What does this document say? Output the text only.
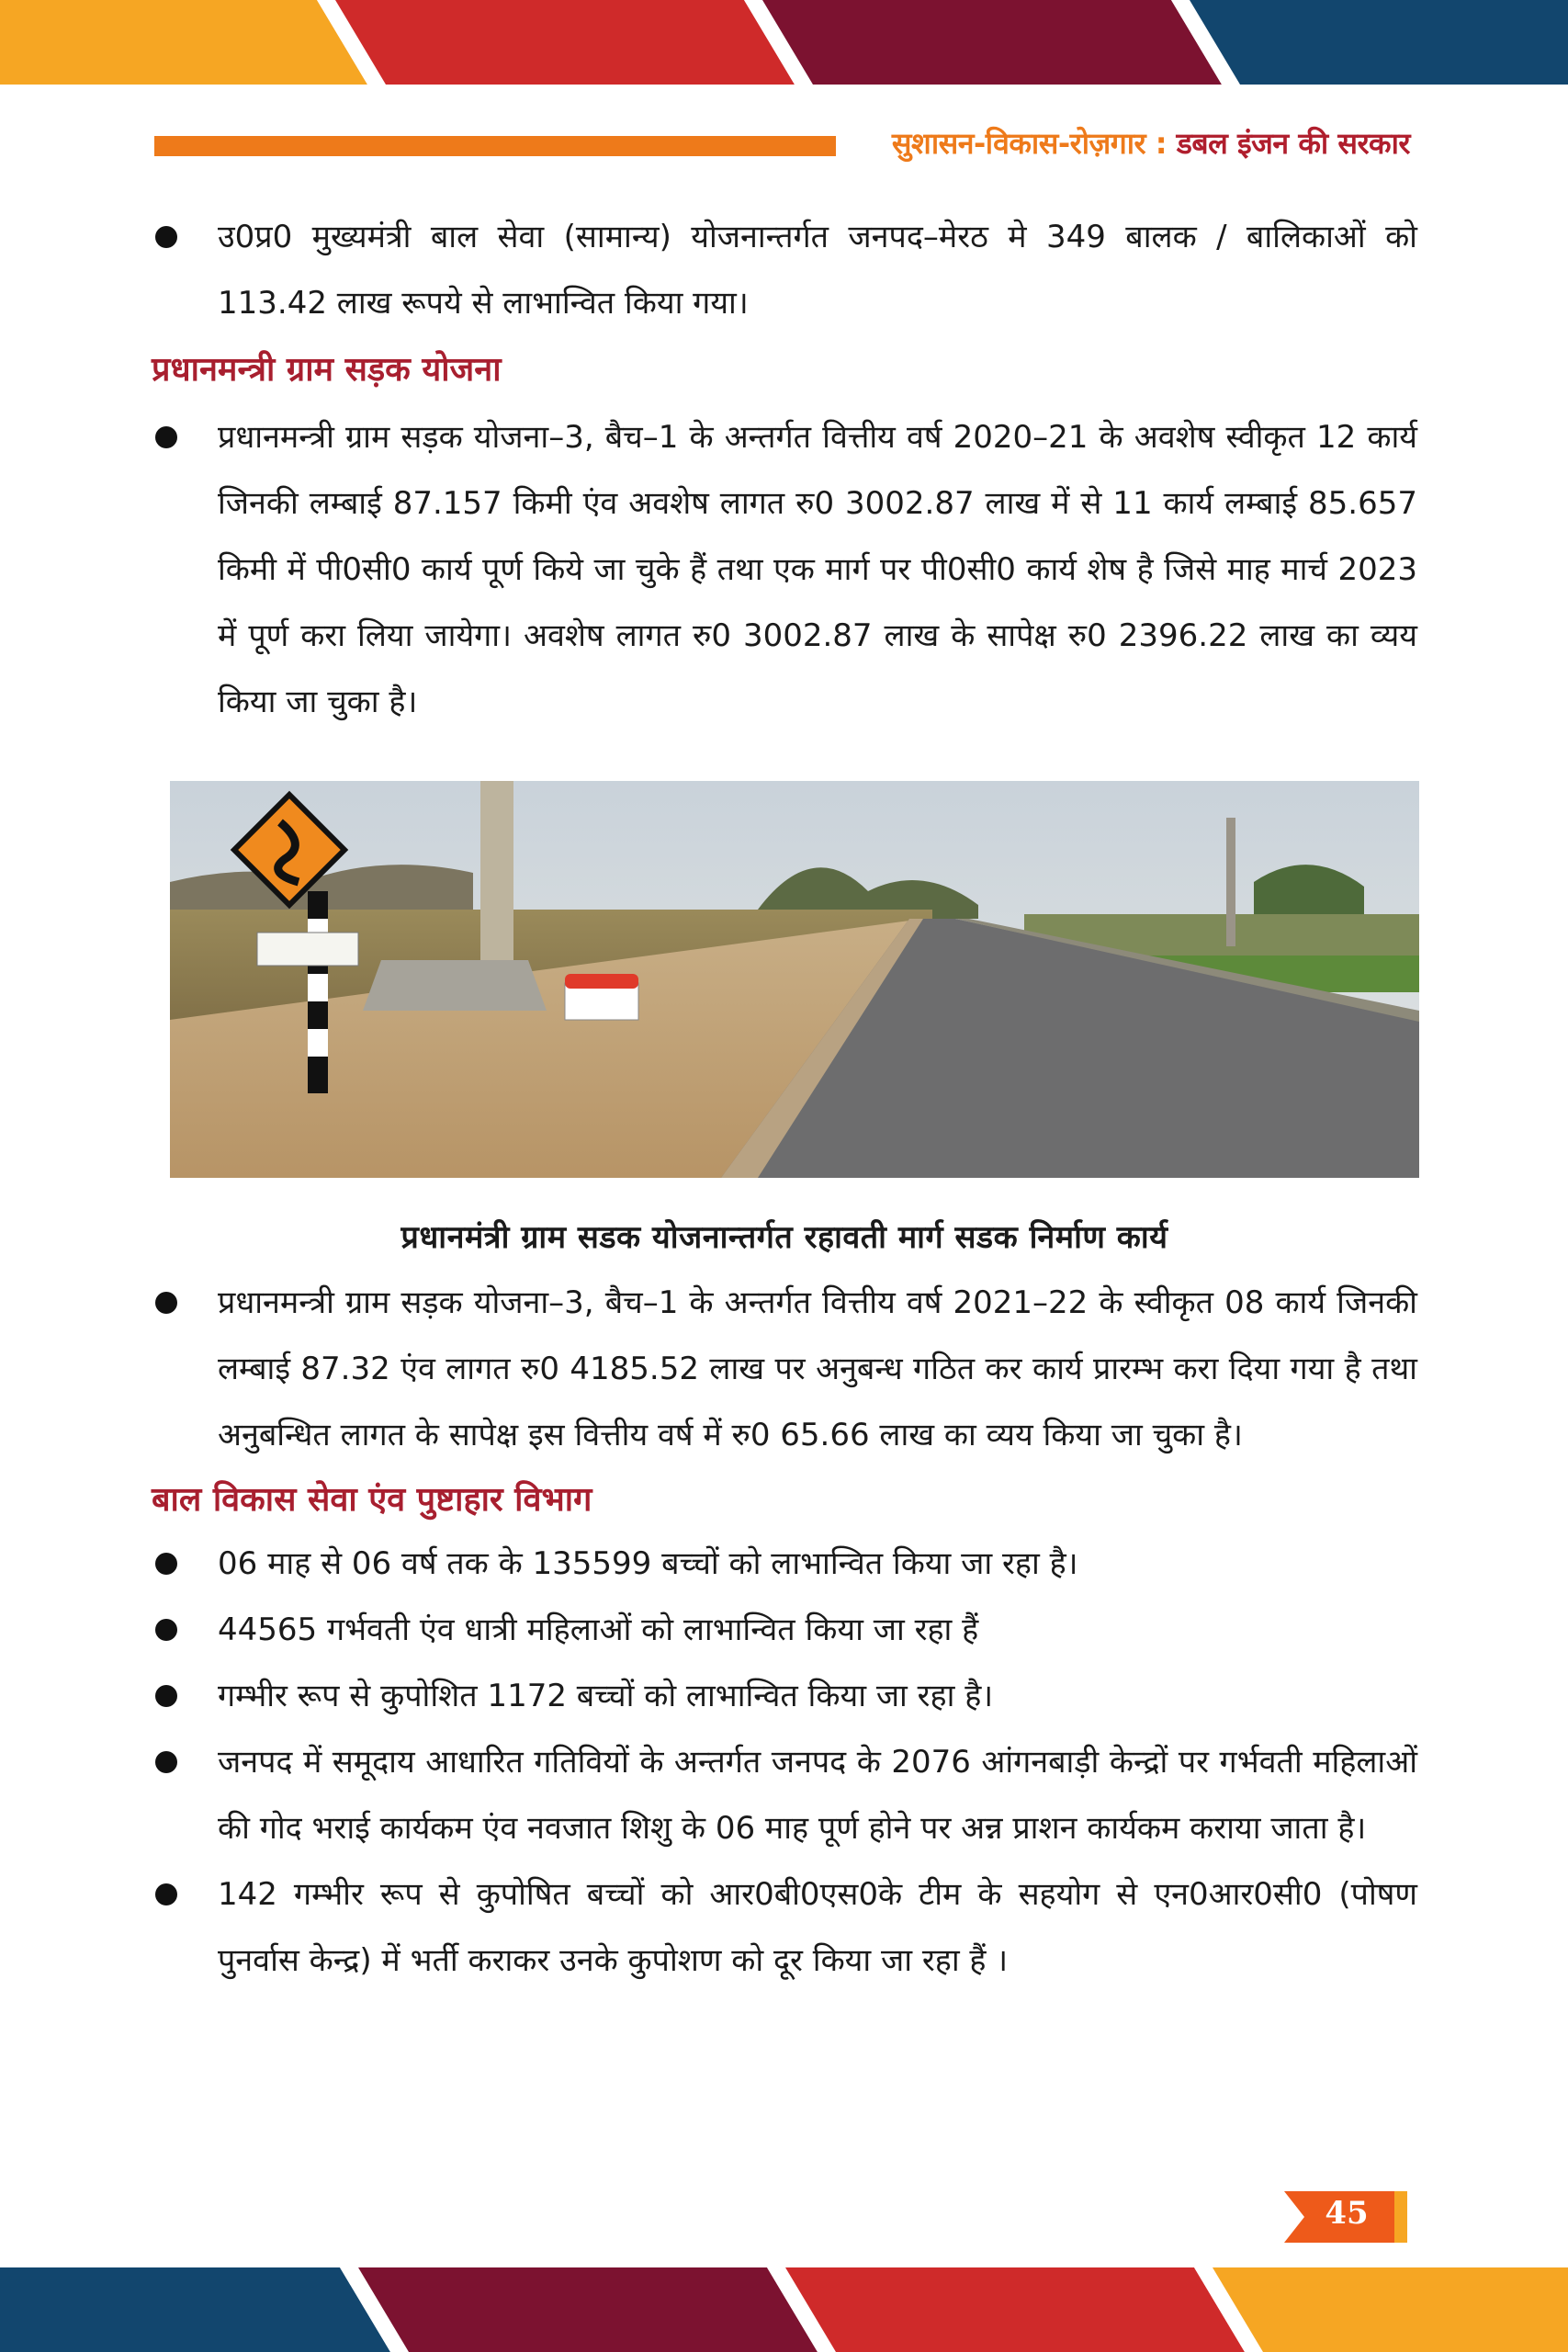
सुशासन-विकास-रोज़गार : डबल इंजन की सरकार

उ0प्र0 मुख्यमंत्री बाल सेवा (सामान्य) योजनान्तर्गत जनपद–मेरठ मे 349 बालक / बालिकाओं को 113.42 लाख रूपये से लाभान्वित किया गया।

प्रधानमन्त्री ग्राम सड़क योजना

प्रधानमन्त्री ग्राम सड़क योजना–3, बैच–1 के अन्तर्गत वित्तीय वर्ष 2020–21 के अवशेष स्वीकृत 12 कार्य जिनकी लम्बाई 87.157 किमी एंव अवशेष लागत रु0 3002.87 लाख में से 11 कार्य लम्बाई 85.657 किमी में पी0सी0 कार्य पूर्ण किये जा चुके हैं तथा एक मार्ग पर पी0सी0 कार्य शेष है जिसे माह मार्च 2023 में पूर्ण करा लिया जायेगा। अवशेष लागत रु0 3002.87 लाख के सापेक्ष रु0 2396.22 लाख का व्यय किया जा चुका है।

प्रधानमंत्री ग्राम सडक योजनान्तर्गत रहावती मार्ग सडक निर्माण कार्य

प्रधानमन्त्री ग्राम सड़क योजना–3, बैच–1 के अन्तर्गत वित्तीय वर्ष 2021–22 के स्वीकृत 08 कार्य जिनकी लम्बाई 87.32 एंव लागत रु0 4185.52 लाख पर अनुबन्ध गठित कर कार्य प्रारम्भ करा दिया गया है तथा अनुबन्धित लागत के सापेक्ष इस वित्तीय वर्ष में रु0 65.66 लाख का व्यय किया जा चुका है।

बाल विकास सेवा एंव पुष्टाहार विभाग

06 माह से 06 वर्ष तक के 135599 बच्चों को लाभान्वित किया जा रहा है।

44565 गर्भवती एंव धात्री महिलाओं को लाभान्वित किया जा रहा हैं

गम्भीर रूप से कुपोशित 1172 बच्चों को लाभान्वित किया जा रहा है।

जनपद में समूदाय आधारित गतिवियों के अन्तर्गत जनपद के 2076 आंगनबाड़ी केन्द्रों पर गर्भवती महिलाओं की गोद भराई कार्यकम एंव नवजात शिशु के 06 माह पूर्ण होने पर अन्न प्राशन कार्यकम कराया जाता है।

142 गम्भीर रूप से कुपोषित बच्चों को आर0बी0एस0के टीम के सहयोग से एन0आर0सी0 (पोषण पुनर्वास केन्द्र) में भर्ती कराकर उनके कुपोशण को दूर किया जा रहा हैं ।

45
